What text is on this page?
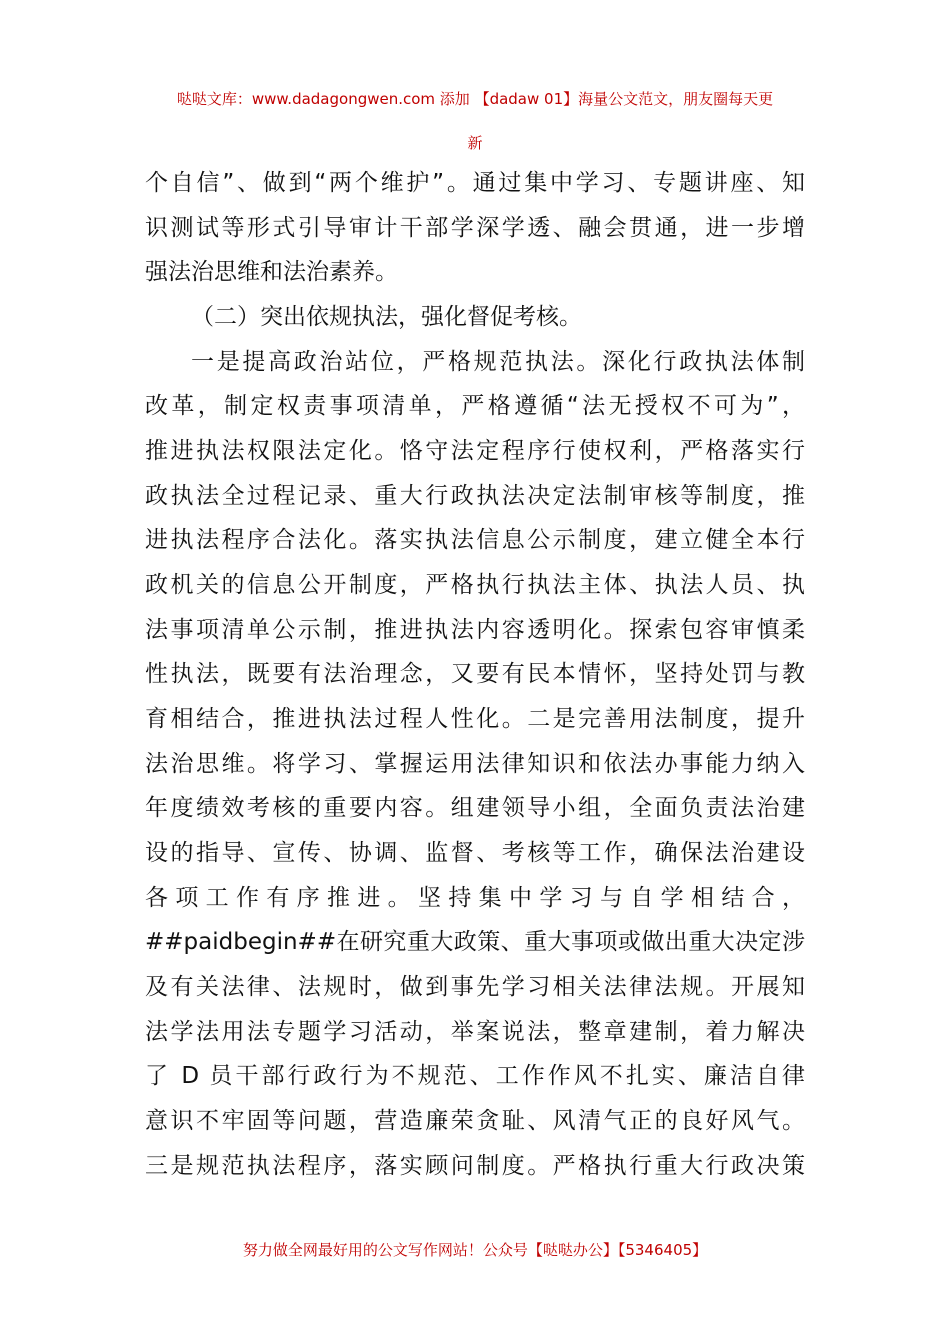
哒哒文库：www.dadagongwen.com 添加 【dadaw 01】海量公文范文，朋友圈每天更
新
个自信”、做到“两个维护”。通过集中学习、专题讲座、知
识测试等形式引导审计干部学深学透、融会贯通，进一步增
强法治思维和法治素养。
（二）突出依规执法，强化督促考核。
一是提高政治站位，严格规范执法。深化行政执法体制
改革，制定权责事项清单，严格遵循“法无授权不可为”，
推进执法权限法定化。恪守法定程序行使权利，严格落实行
政执法全过程记录、重大行政执法决定法制审核等制度，推
进执法程序合法化。落实执法信息公示制度，建立健全本行
政机关的信息公开制度，严格执行执法主体、执法人员、执
法事项清单公示制，推进执法内容透明化。探索包容审慎柔
性执法，既要有法治理念，又要有民本情怀，坚持处罚与教
育相结合，推进执法过程人性化。二是完善用法制度，提升
法治思维。将学习、掌握运用法律知识和依法办事能力纳入
年度绩效考核的重要内容。组建领导小组，全面负责法治建
设的指导、宣传、协调、监督、考核等工作，确保法治建设
各项工作有序推进。坚持集中学习与自学相结合，
##paidbegin##在研究重大政策、重大事项或做出重大决定涉
及有关法律、法规时，做到事先学习相关法律法规。开展知
法学法用法专题学习活动，举案说法，整章建制，着力解决
了 D 员干部行政行为不规范、工作作风不扎实、廉洁自律
意识不牢固等问题，营造廉荣贪耻、风清气正的良好风气。
三是规范执法程序，落实顾问制度。严格执行重大行政决策
努力做全网最好用的公文写作网站！公众号【哒哒办公】【5346405】
